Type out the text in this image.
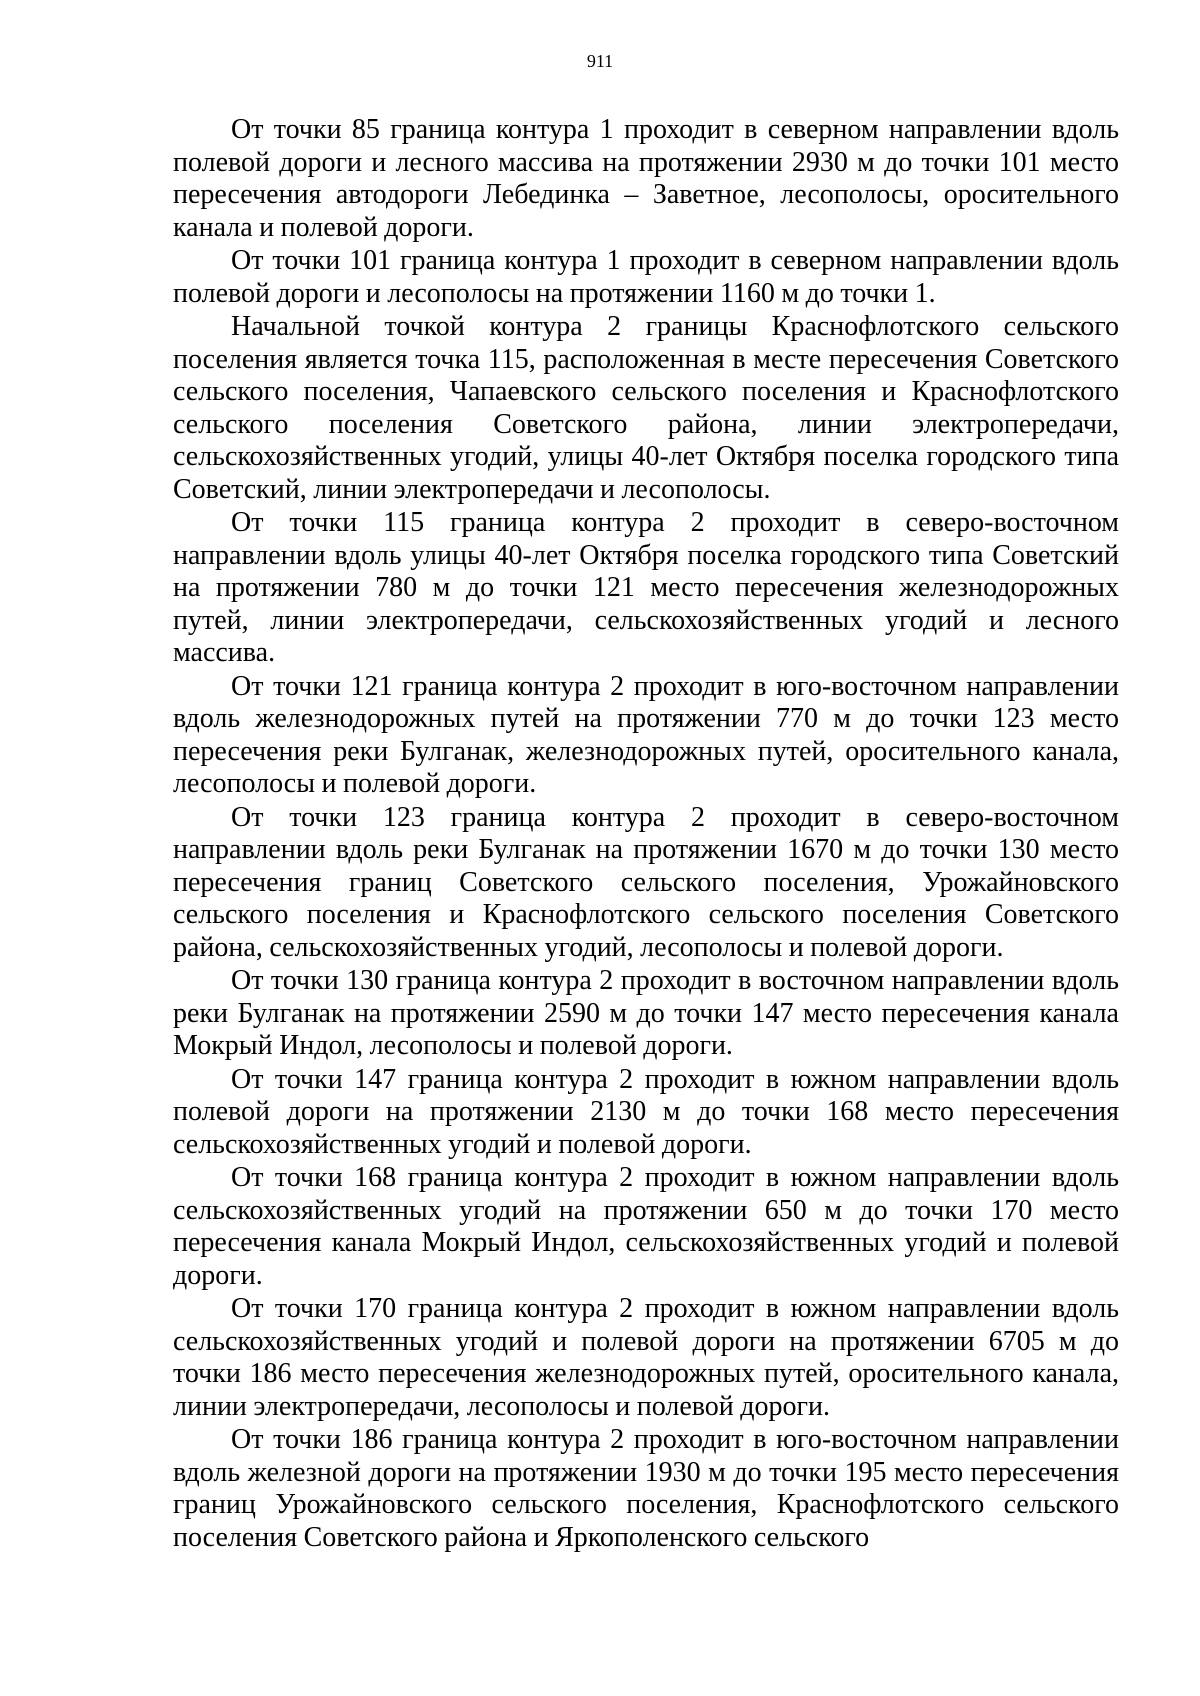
911

От точки 85 граница контура 1 проходит в северном направлении вдоль полевой дороги и лесного массива на протяжении 2930 м до точки 101 место пересечения автодороги Лебединка – Заветное, лесополосы, оросительного канала и полевой дороги.

От точки 101 граница контура 1 проходит в северном направлении вдоль полевой дороги и лесополосы на протяжении 1160 м до точки 1.

Начальной точкой контура 2 границы Краснофлотского сельского поселения является точка 115, расположенная в месте пересечения Советского сельского поселения, Чапаевского сельского поселения и Краснофлотского сельского поселения Советского района, линии электропередачи, сельскохозяйственных угодий, улицы 40-лет Октября поселка городского типа Советский, линии электропередачи и лесополосы.

От точки 115 граница контура 2 проходит в северо-восточном направлении вдоль улицы 40-лет Октября поселка городского типа Советский на протяжении 780 м до точки 121 место пересечения железнодорожных путей, линии электропередачи, сельскохозяйственных угодий и лесного массива.

От точки 121 граница контура 2 проходит в юго-восточном направлении вдоль железнодорожных путей на протяжении 770 м до точки 123 место пересечения реки Булганак, железнодорожных путей, оросительного канала, лесополосы и полевой дороги.

От точки 123 граница контура 2 проходит в северо-восточном направлении вдоль реки Булганак на протяжении 1670 м до точки 130 место пересечения границ Советского сельского поселения, Урожайновского сельского поселения и Краснофлотского сельского поселения Советского района, сельскохозяйственных угодий, лесополосы и полевой дороги.

От точки 130 граница контура 2 проходит в восточном направлении вдоль реки Булганак на протяжении 2590 м до точки 147 место пересечения канала Мокрый Индол, лесополосы и полевой дороги.

От точки 147 граница контура 2 проходит в южном направлении вдоль полевой дороги на протяжении 2130 м до точки 168 место пересечения сельскохозяйственных угодий и полевой дороги.

От точки 168 граница контура 2 проходит в южном направлении вдоль сельскохозяйственных угодий на протяжении 650 м до точки 170 место пересечения канала Мокрый Индол, сельскохозяйственных угодий и полевой дороги.

От точки 170 граница контура 2 проходит в южном направлении вдоль сельскохозяйственных угодий и полевой дороги на протяжении 6705 м до точки 186 место пересечения железнодорожных путей, оросительного канала, линии электропередачи, лесополосы и полевой дороги.

От точки 186 граница контура 2 проходит в юго-восточном направлении вдоль железной дороги на протяжении 1930 м до точки 195 место пересечения границ Урожайновского сельского поселения, Краснофлотского сельского поселения Советского района и Яркополенского сельского
